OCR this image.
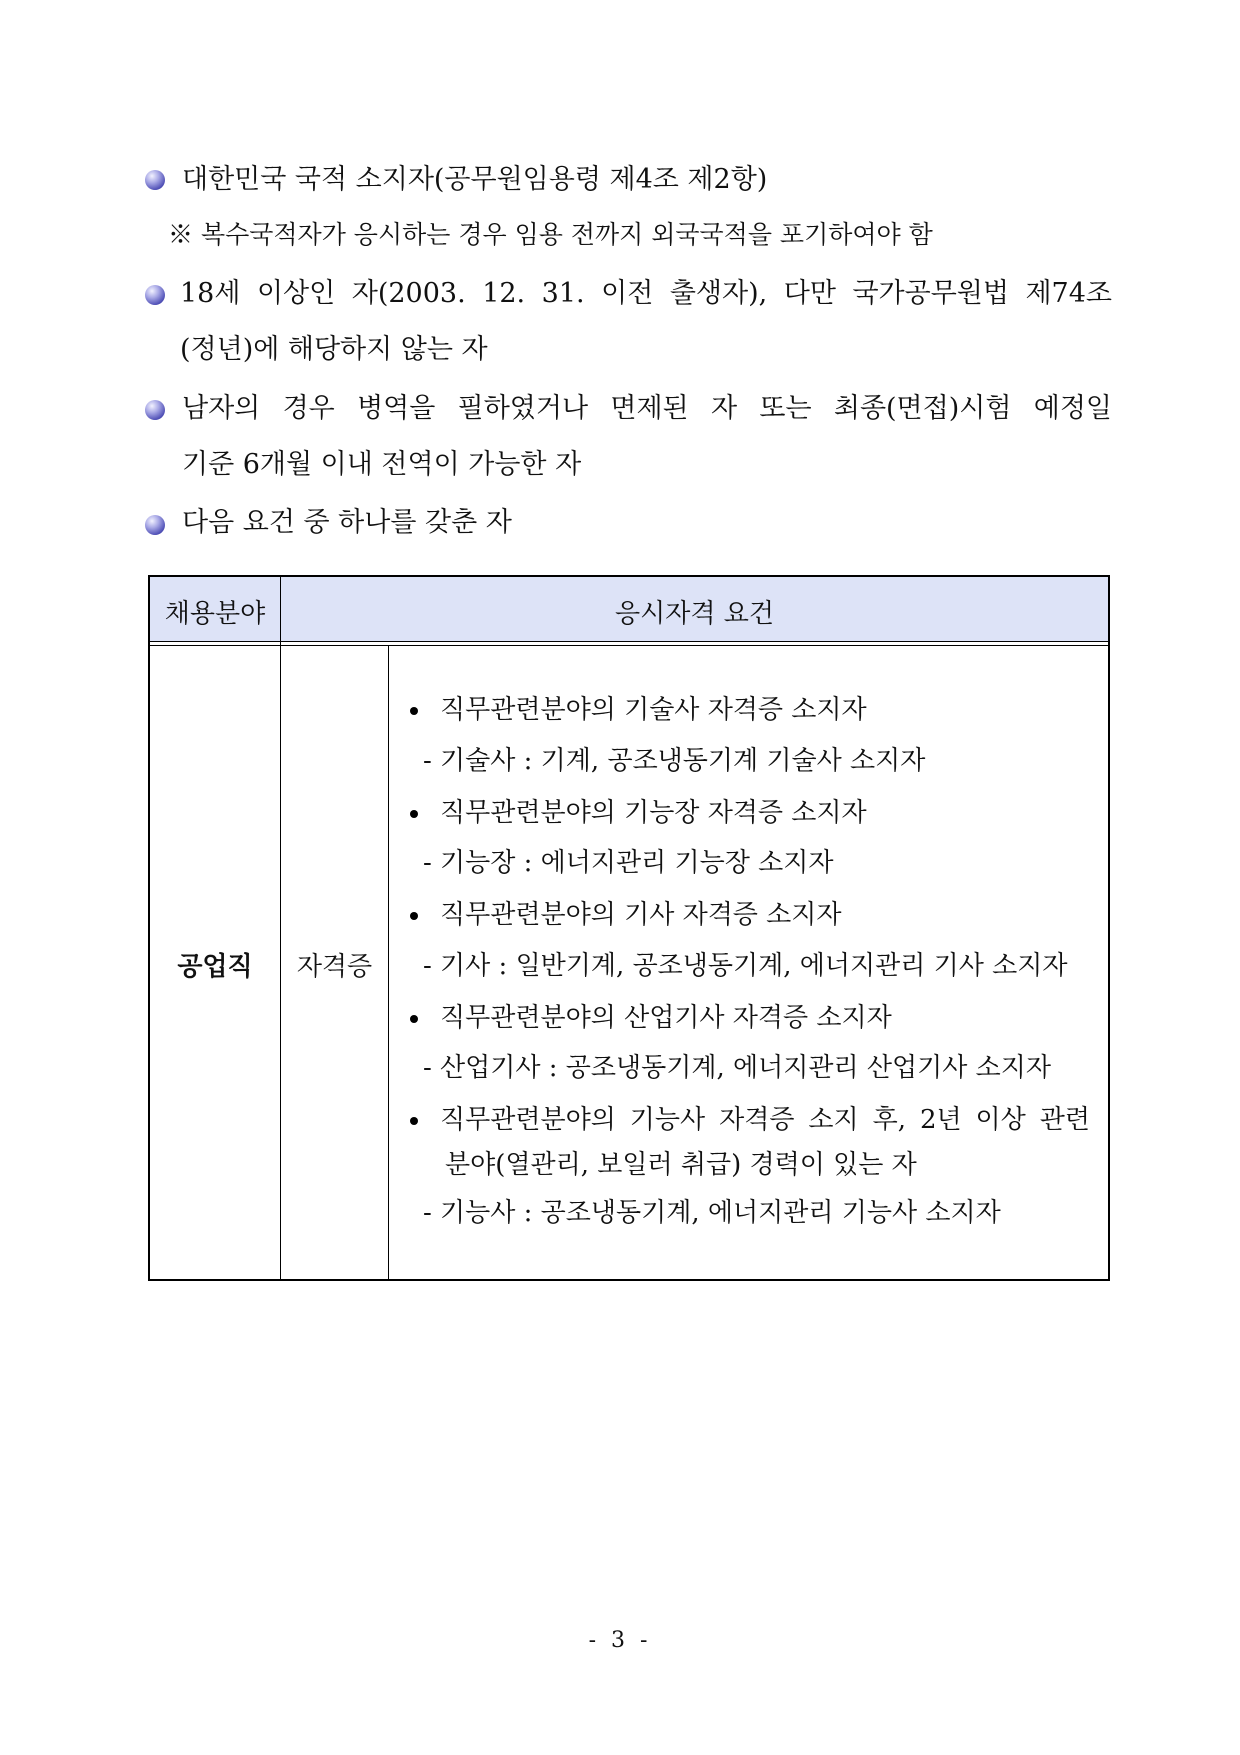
대한민국 국적 소지자(공무원임용령 제4조 제2항)
※ 복수국적자가 응시하는 경우 임용 전까지 외국국적을 포기하여야 함
18세 이상인 자(2003. 12. 31. 이전 출생자), 다만 국가공무원법 제74조
(정년)에 해당하지 않는 자
남자의 경우 병역을 필하였거나 면제된 자 또는 최종(면접)시험 예정일
기준 6개월 이내 전역이 가능한 자
다음 요건 중 하나를 갖춘 자
채용분야	응시자격 요건
공업직	자격증
직무관련분야의 기술사 자격증 소지자
- 기술사 : 기계, 공조냉동기계 기술사 소지자
직무관련분야의 기능장 자격증 소지자
- 기능장 : 에너지관리 기능장 소지자
직무관련분야의 기사 자격증 소지자
- 기사 : 일반기계, 공조냉동기계, 에너지관리 기사 소지자
직무관련분야의 산업기사 자격증 소지자
- 산업기사 : 공조냉동기계, 에너지관리 산업기사 소지자
직무관련분야의 기능사 자격증 소지 후, 2년 이상 관련
분야(열관리, 보일러 취급) 경력이 있는 자
- 기능사 : 공조냉동기계, 에너지관리 기능사 소지자
- 3 -
